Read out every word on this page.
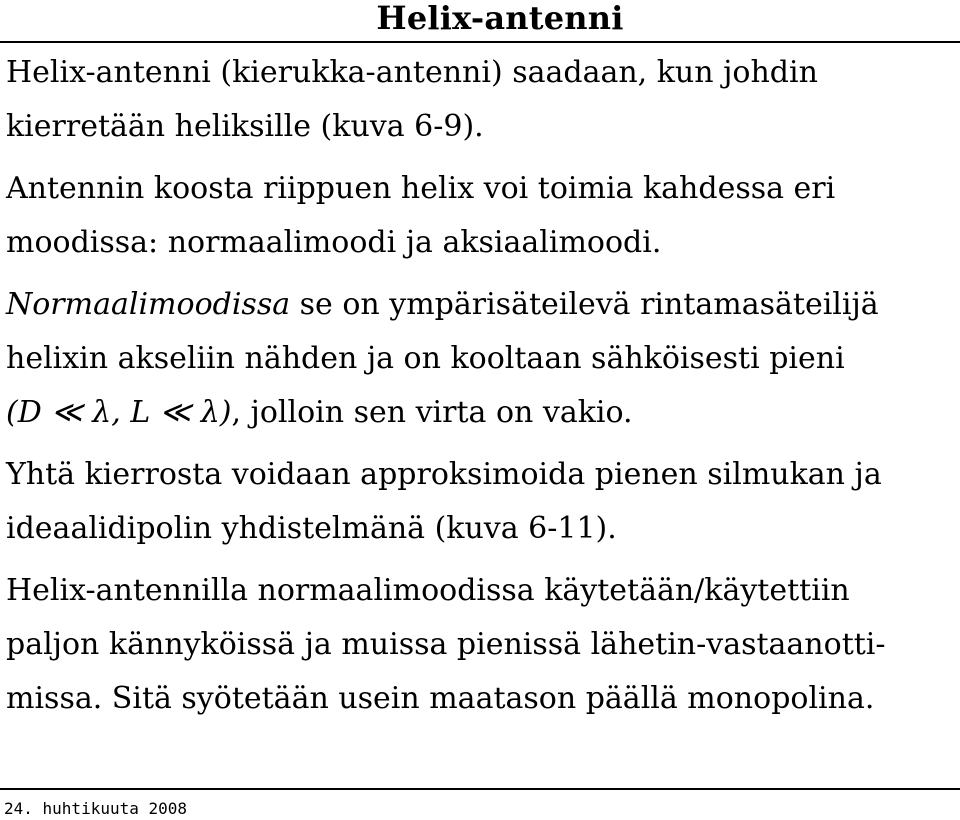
Helix-antenni
Helix-antenni (kierukka-antenni) saadaan, kun johdin
kierretään heliksille (kuva 6-9).
Antennin koosta riippuen helix voi toimia kahdessa eri
moodissa: normaalimoodi ja aksiaalimoodi.
Normaalimoodissa se on ympärisäteilevä rintamasäteilijä
helixin akseliin nähden ja on kooltaan sähköisesti pieni
(D ≪ λ, L ≪ λ), jolloin sen virta on vakio.
Yhtä kierrosta voidaan approksimoida pienen silmukan ja
ideaalidipolin yhdistelmänä (kuva 6-11).
Helix-antennilla normaalimoodissa käytetään/käytettiin
paljon kännyköissä ja muissa pienissä lähetin-vastaanotti-
missa. Sitä syötetään usein maatason päällä monopolina.
24. huhtikuuta 2008
